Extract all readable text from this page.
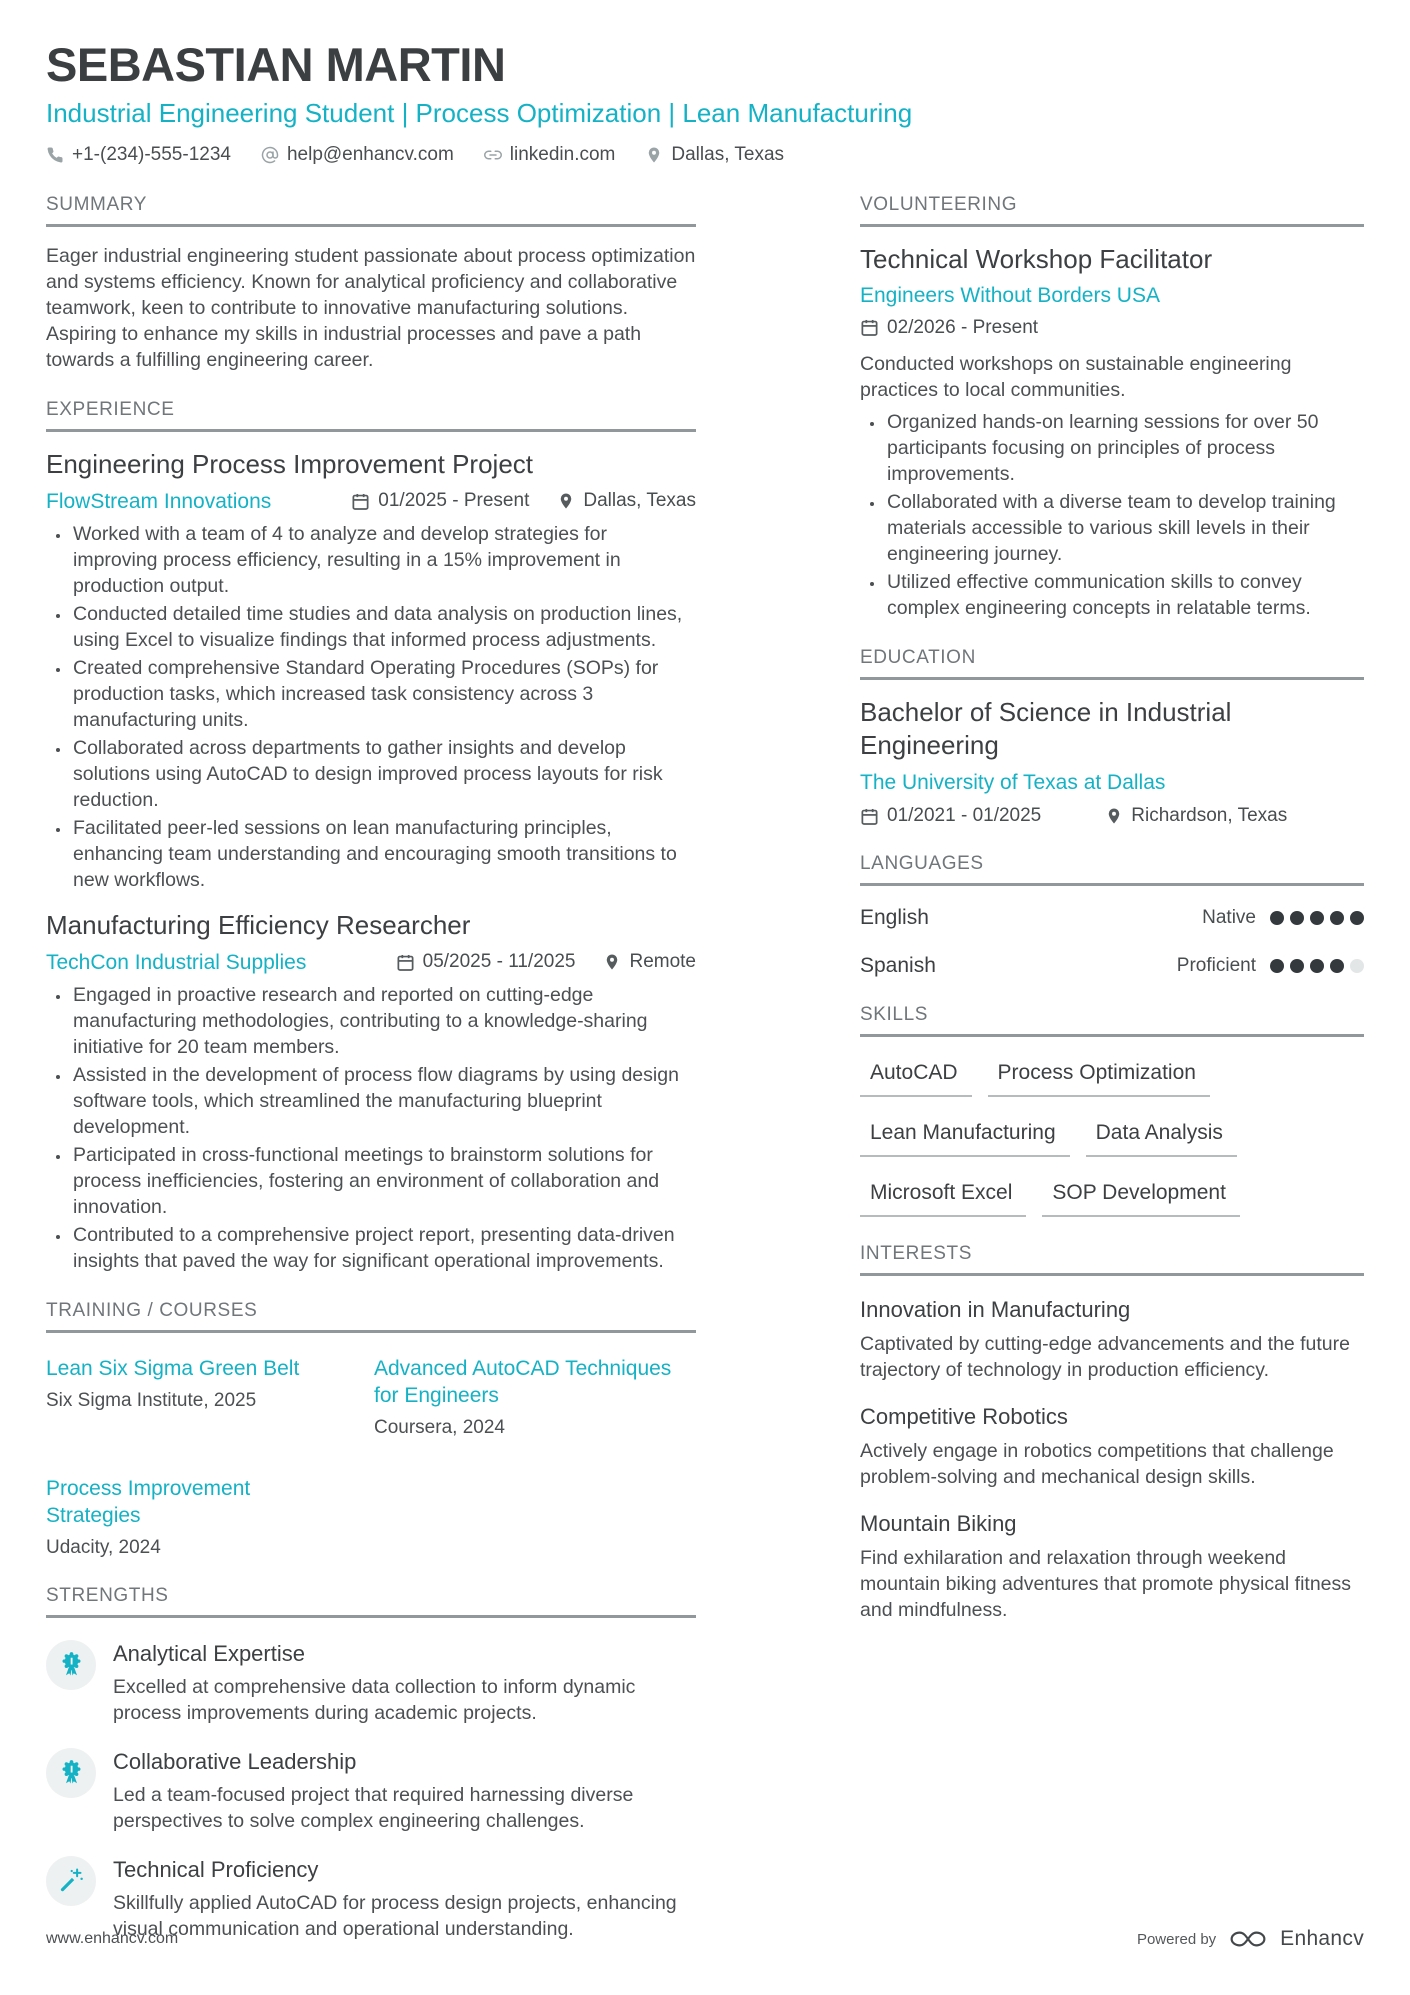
SEBASTIAN MARTIN
Industrial Engineering Student | Process Optimization | Lean Manufacturing
+1-(234)-555-1234	help@enhancv.com	linkedin.com	Dallas, Texas
SUMMARY

Eager industrial engineering student passionate about process optimization and systems efficiency. Known for analytical proficiency and collaborative teamwork, keen to contribute to innovative manufacturing solutions. Aspiring to enhance my skills in industrial processes and pave a path towards a fulfilling engineering career.

EXPERIENCE
Engineering Process Improvement Project
FlowStream Innovations	01/2025 - Present	Dallas, Texas
• Worked with a team of 4 to analyze and develop strategies for improving process efficiency, resulting in a 15% improvement in production output.
• Conducted detailed time studies and data analysis on production lines, using Excel to visualize findings that informed process adjustments.
• Created comprehensive Standard Operating Procedures (SOPs) for production tasks, which increased task consistency across 3 manufacturing units.
• Collaborated across departments to gather insights and develop solutions using AutoCAD to design improved process layouts for risk reduction.
• Facilitated peer-led sessions on lean manufacturing principles, enhancing team understanding and encouraging smooth transitions to new workflows.
Manufacturing Efficiency Researcher
TechCon Industrial Supplies	05/2025 - 11/2025	Remote
• Engaged in proactive research and reported on cutting-edge manufacturing methodologies, contributing to a knowledge-sharing initiative for 20 team members.
• Assisted in the development of process flow diagrams by using design software tools, which streamlined the manufacturing blueprint development.
• Participated in cross-functional meetings to brainstorm solutions for process inefficiencies, fostering an environment of collaboration and innovation.
• Contributed to a comprehensive project report, presenting data-driven insights that paved the way for significant operational improvements.
TRAINING / COURSES
Lean Six Sigma Green Belt
Six Sigma Institute, 2025
Advanced AutoCAD Techniques for Engineers
Coursera, 2024
Process Improvement Strategies
Udacity, 2024
STRENGTHS
Analytical Expertise

Excelled at comprehensive data collection to inform dynamic process improvements during academic projects.

Collaborative Leadership

Led a team-focused project that required harnessing diverse perspectives to solve complex engineering challenges.

Technical Proficiency

Skillfully applied AutoCAD for process design projects, enhancing visual communication and operational understanding.

VOLUNTEERING
Technical Workshop Facilitator
Engineers Without Borders USA
02/2026 - Present

Conducted workshops on sustainable engineering practices to local communities.

• Organized hands-on learning sessions for over 50 participants focusing on principles of process improvements.
• Collaborated with a diverse team to develop training materials accessible to various skill levels in their engineering journey.
• Utilized effective communication skills to convey complex engineering concepts in relatable terms.
EDUCATION
Bachelor of Science in Industrial Engineering
The University of Texas at Dallas
01/2021 - 01/2025	Richardson, Texas
LANGUAGES
English	Native
Spanish	Proficient
SKILLS
AutoCAD	Process Optimization
Lean Manufacturing	Data Analysis
Microsoft Excel	SOP Development
INTERESTS
Innovation in Manufacturing

Captivated by cutting-edge advancements and the future trajectory of technology in production efficiency.

Competitive Robotics

Actively engage in robotics competitions that challenge problem-solving and mechanical design skills.

Mountain Biking

Find exhilaration and relaxation through weekend mountain biking adventures that promote physical fitness and mindfulness.

www.enhancv.com	Powered by	Enhancv
